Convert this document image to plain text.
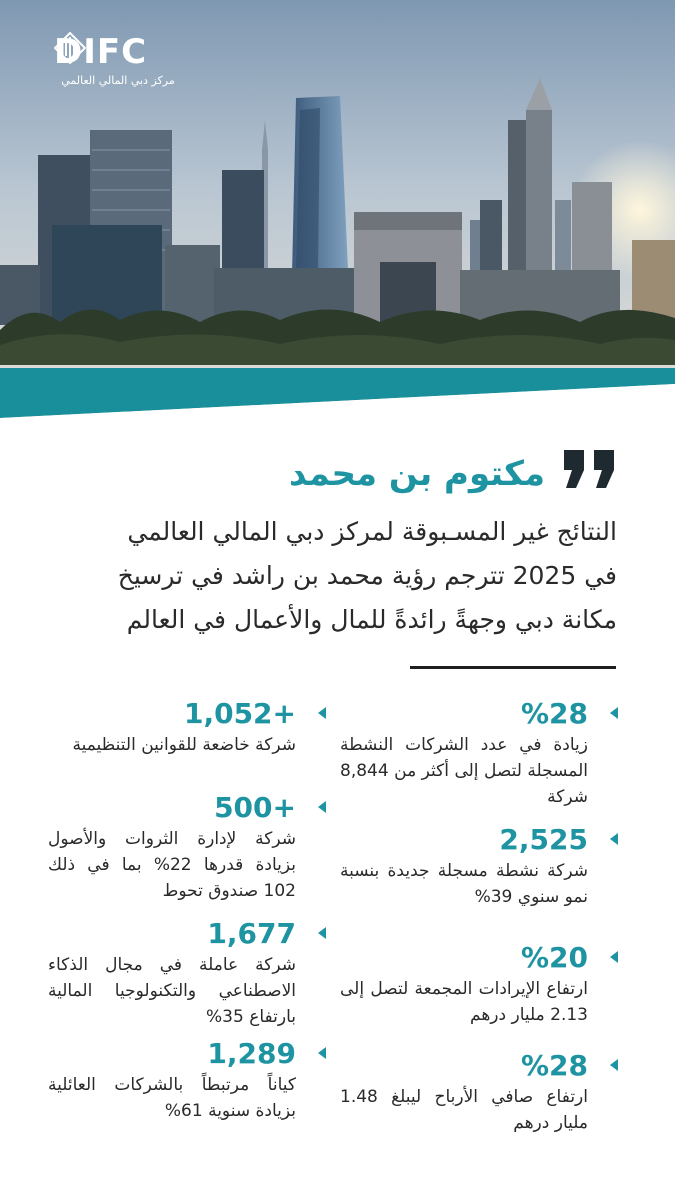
DIFC
مركز دبي المالي العالمي
مكتوم بن محمد
النتائج غير المسـبوقة لمركز دبي المالي العالمي
في 2025 تترجم رؤية محمد بن راشد في ترسيخ
مكانة دبي وجهةً رائدةً للمال والأعمال في العالم
%28
زيادة في عدد الشركات النشطة المسجلة لتصل إلى أكثر من 8,844 شركة
2,525
شركة نشطة مسجلة جديدة بنسبة نمو سنوي 39%
%20
ارتفاع الإيرادات المجمعة لتصل إلى 2.13 مليار درهم
%28
ارتفاع صافي الأرباح ليبلغ 1.48 مليار درهم
1,052+
شركة خاضعة للقوانين التنظيمية
500+
شركة لإدارة الثروات والأصول بزيادة قدرها 22% بما في ذلك 102 صندوق تحوط
1,677
شركة عاملة في مجال الذكاء الاصطناعي والتكنولوجيا المالية بارتفاع 35%
1,289
كياناً مرتبطاً بالشركات العائلية بزيادة سنوية 61%
